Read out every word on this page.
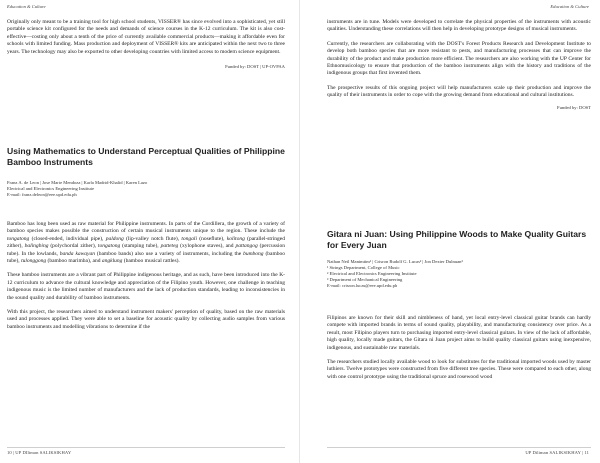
Education & Culture

Originally only meant to be a training tool for high school students, VISSER® has since evolved into a sophisticated, yet still portable science kit configured for the needs and demands of science courses in the K-12 curriculum. The kit is also cost-effective—costing only about a tenth of the price of currently available commercial products—making it affordable even for schools with limited funding. Mass production and deployment of VISSER® kits are anticipated within the next two to three years. The technology may also be exported to other developing countries with limited access to modern science equipment.

Funded by: DOST | UP-OVPAA

Using Mathematics to Understand Perceptual Qualities of Philippine Bamboo Instruments

Franz A. de Leon | Jose Marie Mendoza | Karla Madrid-Khalid | Karen Lazo

Electrical and Electronics Engineering Institute

E-mail: franz.deleon@eee.upd.edu.ph

Bamboo has long been used as raw material for Philippine instruments. In parts of the Cordillera, the growth of a variety of bamboo species makes possible the construction of certain musical instruments unique to the region. These include the tongatong (closed-ended, individual pipe), paldong (lip-valley notch flute), tongali (noseflute), kolitong (parallel-stringed zither), balingbing (polychordal zither), tongatong (stamping tube), patteteg (xylophone staves), and pattangog (percussion tube). In the lowlands, banda kawayan (bamboo bands) also use a variety of instruments, including the bumbong (bamboo tube), tulonggong (bamboo marimba), and angklung (bamboo musical rattles).

These bamboo instruments are a vibrant part of Philippine indigenous heritage, and as such, have been introduced into the K-12 curriculum to advance the cultural knowledge and appreciation of the Filipino youth. However, one challenge in teaching indigenous music is the limited number of manufacturers and the lack of production standards, leading to inconsistencies in the sound quality and durability of bamboo instruments.

With this project, the researchers aimed to understand instrument makers' perception of quality, based on the raw materials used and processes applied. They were able to set a baseline for acoustic quality by collecting audio samples from various bamboo instruments and modelling vibrations to determine if the

10 | UP DIliman SALIKSIKHAY
Education & Culture

instruments are in tune. Models were developed to correlate the physical properties of the instruments with acoustic qualities. Understanding these correlations will then help in developing prototype designs of musical instruments.

Currently, the researchers are collaborating with the DOST's Forest Products Research and Development Institute to develop both bamboo species that are more resistant to pests, and manufacturing processes that can improve the durability of the product and make production more efficient. The researchers are also working with the UP Center for Ethnomusicology to ensure that production of the bamboo instruments align with the history and traditions of the indigenous groups that first invented them.

The prospective results of this ongoing project will help manufacturers scale up their production and improve the quality of their instruments in order to cope with the growing demand from educational and cultural institutions.

Funded by: DOST

Gitara ni Juan: Using Philippine Woods to Make Quality Guitars for Every Juan

Nathan Neil Manimtim¹ | Crisron Rudolf G. Lucas² | Jon Dexter Dulnuan³

¹ Strings Department, College of Music

² Electrical and Electronics Engineering Institute

³ Department of Mechanical Engineering

E-mail: crisron.lucas@eee.upd.edu.ph

Filipinos are known for their skill and nimbleness of hand, yet local entry-level classical guitar brands can hardly compete with imported brands in terms of sound quality, playability, and manufacturing consistency over price. As a result, most Filipino players turn to purchasing imported entry-level classical guitars. In view of the lack of affordable, high quality, locally made guitars, the Gitara ni Juan project aims to build quality classical guitars using inexpensive, indigenous, and sustainable raw materials.

The researchers studied locally available wood to look for substitutes for the traditional imported woods used by master luthiers. Twelve prototypes were constructed from five different tree species. These were compared to each other, along with one control prototype using the traditional spruce and rosewood wood

UP Diliman SALIKSIKHAY | 11
